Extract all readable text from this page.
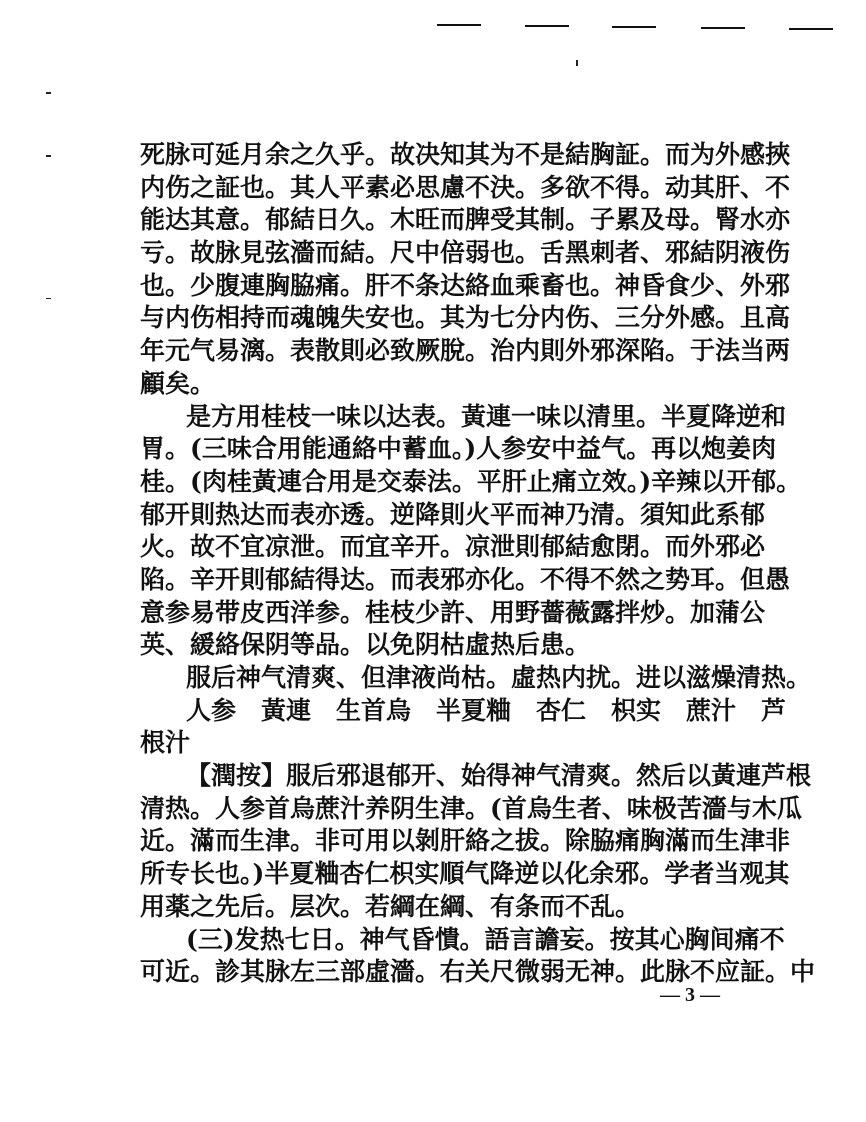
死脉可延月余之久乎。故决知其为不是結胸証。而为外感挾
内伤之証也。其人平素必思慮不決。多欲不得。动其肝、不
能达其意。郁結日久。木旺而脾受其制。子累及母。腎水亦
亏。故脉見弦濇而結。尺中倍弱也。舌黑刺者、邪結阴液伤
也。少腹連胸脇痛。肝不条达絡血乘畜也。神昏食少、外邪
与内伤相持而魂魄失安也。其为七分内伤、三分外感。且高
年元气易漓。表散則必致厥脫。治内則外邪深陷。于法当两
顧矣。
是方用桂枝一味以达表。黃連一味以清里。半夏降逆和
胃。(三味合用能通絡中蓄血。)人参安中益气。再以炮姜肉
桂。(肉桂黃連合用是交泰法。平肝止痛立效。)辛辣以开郁。
郁开則热达而表亦透。逆降則火平而神乃清。須知此系郁
火。故不宜凉泄。而宜辛开。凉泄則郁結愈閉。而外邪必
陷。辛开則郁結得达。而表邪亦化。不得不然之势耳。但愚
意参易带皮西洋参。桂枝少許、用野薔薇露拌炒。加蒲公
英、緩絡保阴等品。以免阴枯虛热后患。
服后神气清爽、但津液尚枯。虛热内扰。进以滋燥清热。
人参　黃連　生首烏　半夏粬　杏仁　枳实　蔗汁　芦
根汁
【潤按】服后邪退郁开、始得神气清爽。然后以黃連芦根
清热。人参首烏蔗汁养阴生津。(首烏生者、味极苦濇与木瓜
近。滿而生津。非可用以剝肝絡之拔。除脇痛胸滿而生津非
所专长也。)半夏粬杏仁枳实順气降逆以化余邪。学者当观其
用薬之先后。层次。若綱在綱、有条而不乱。
(三)发热七日。神气昏憒。語言譫妄。按其心胸间痛不
可近。診其脉左三部虛濇。右关尺微弱无神。此脉不应証。中
— 3 —
